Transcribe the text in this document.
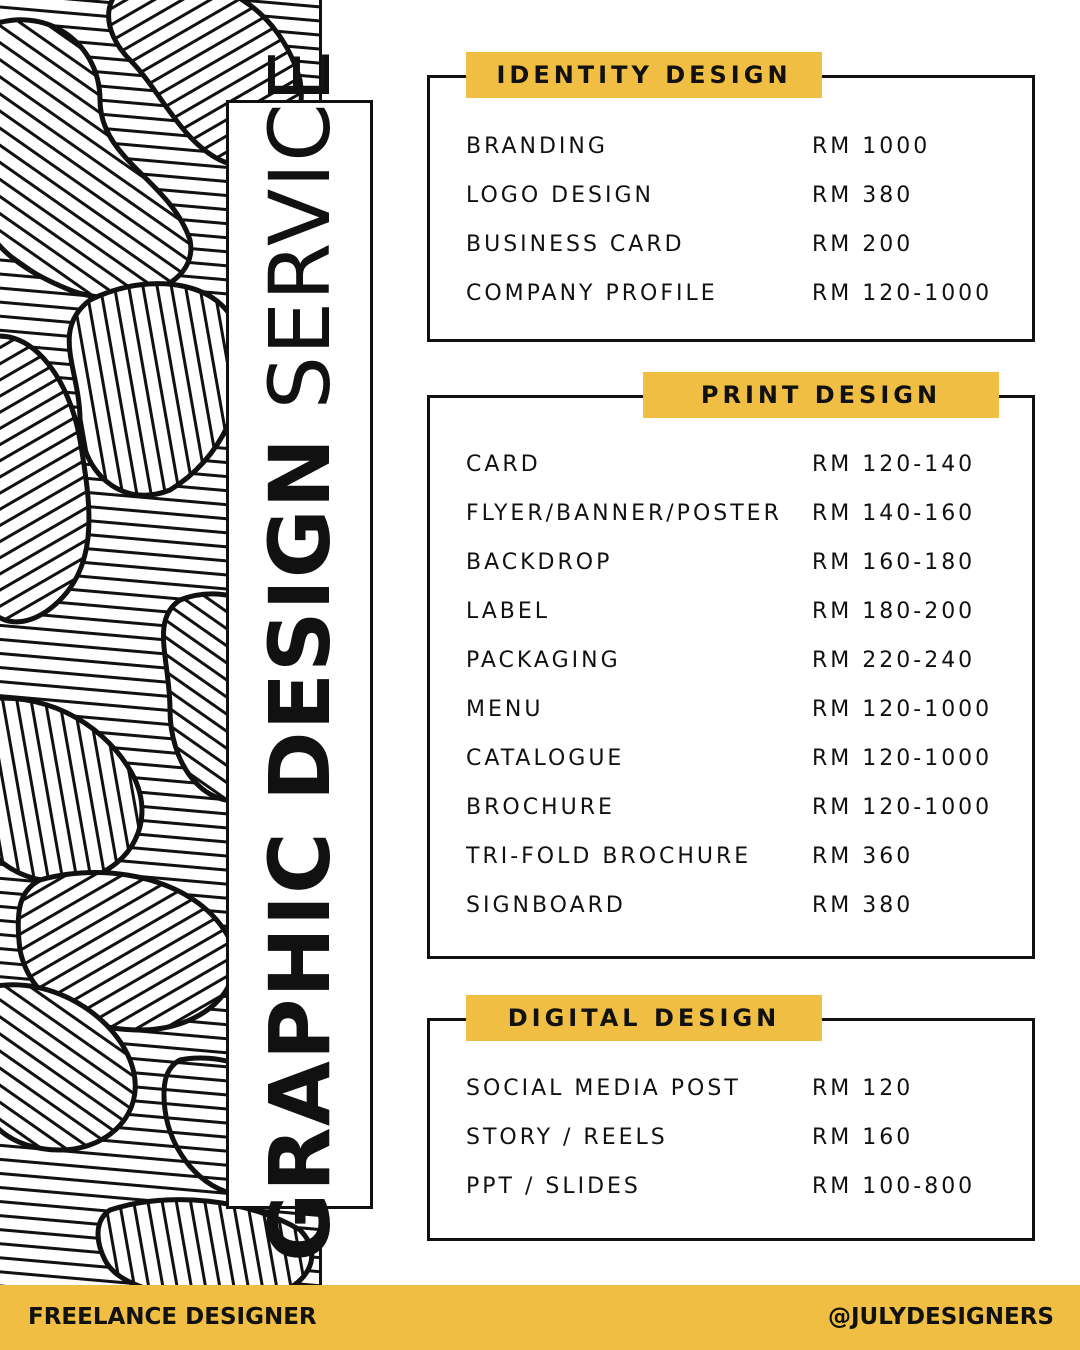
GRAPHIC DESIGN SERVICE	IDENTITY DESIGN
BRANDING	RM 1000
LOGO DESIGN	RM 380
BUSINESS CARD	RM 200
COMPANY PROFILE	RM 120-1000
PRINT DESIGN
CARD	RM 120-140
FLYER/BANNER/POSTER RM 140-160
BACKDROP	RM 160-180
LABEL	RM 180-200
PACKAGING	RM 220-240
MENU	RM 120-1000
CATALOGUE	RM 120-1000
BROCHURE	RM 120-1000
TRI-FOLD BROCHURE	RM 360
SIGNBOARD	RM 380
DIGITAL DESIGN
SOCIAL MEDIA POST	RM 120
STORY / REELS	RM 160
PPT / SLIDES	RM 100-800
FREELANCE DESIGNER	@JULYDESIGNERS
